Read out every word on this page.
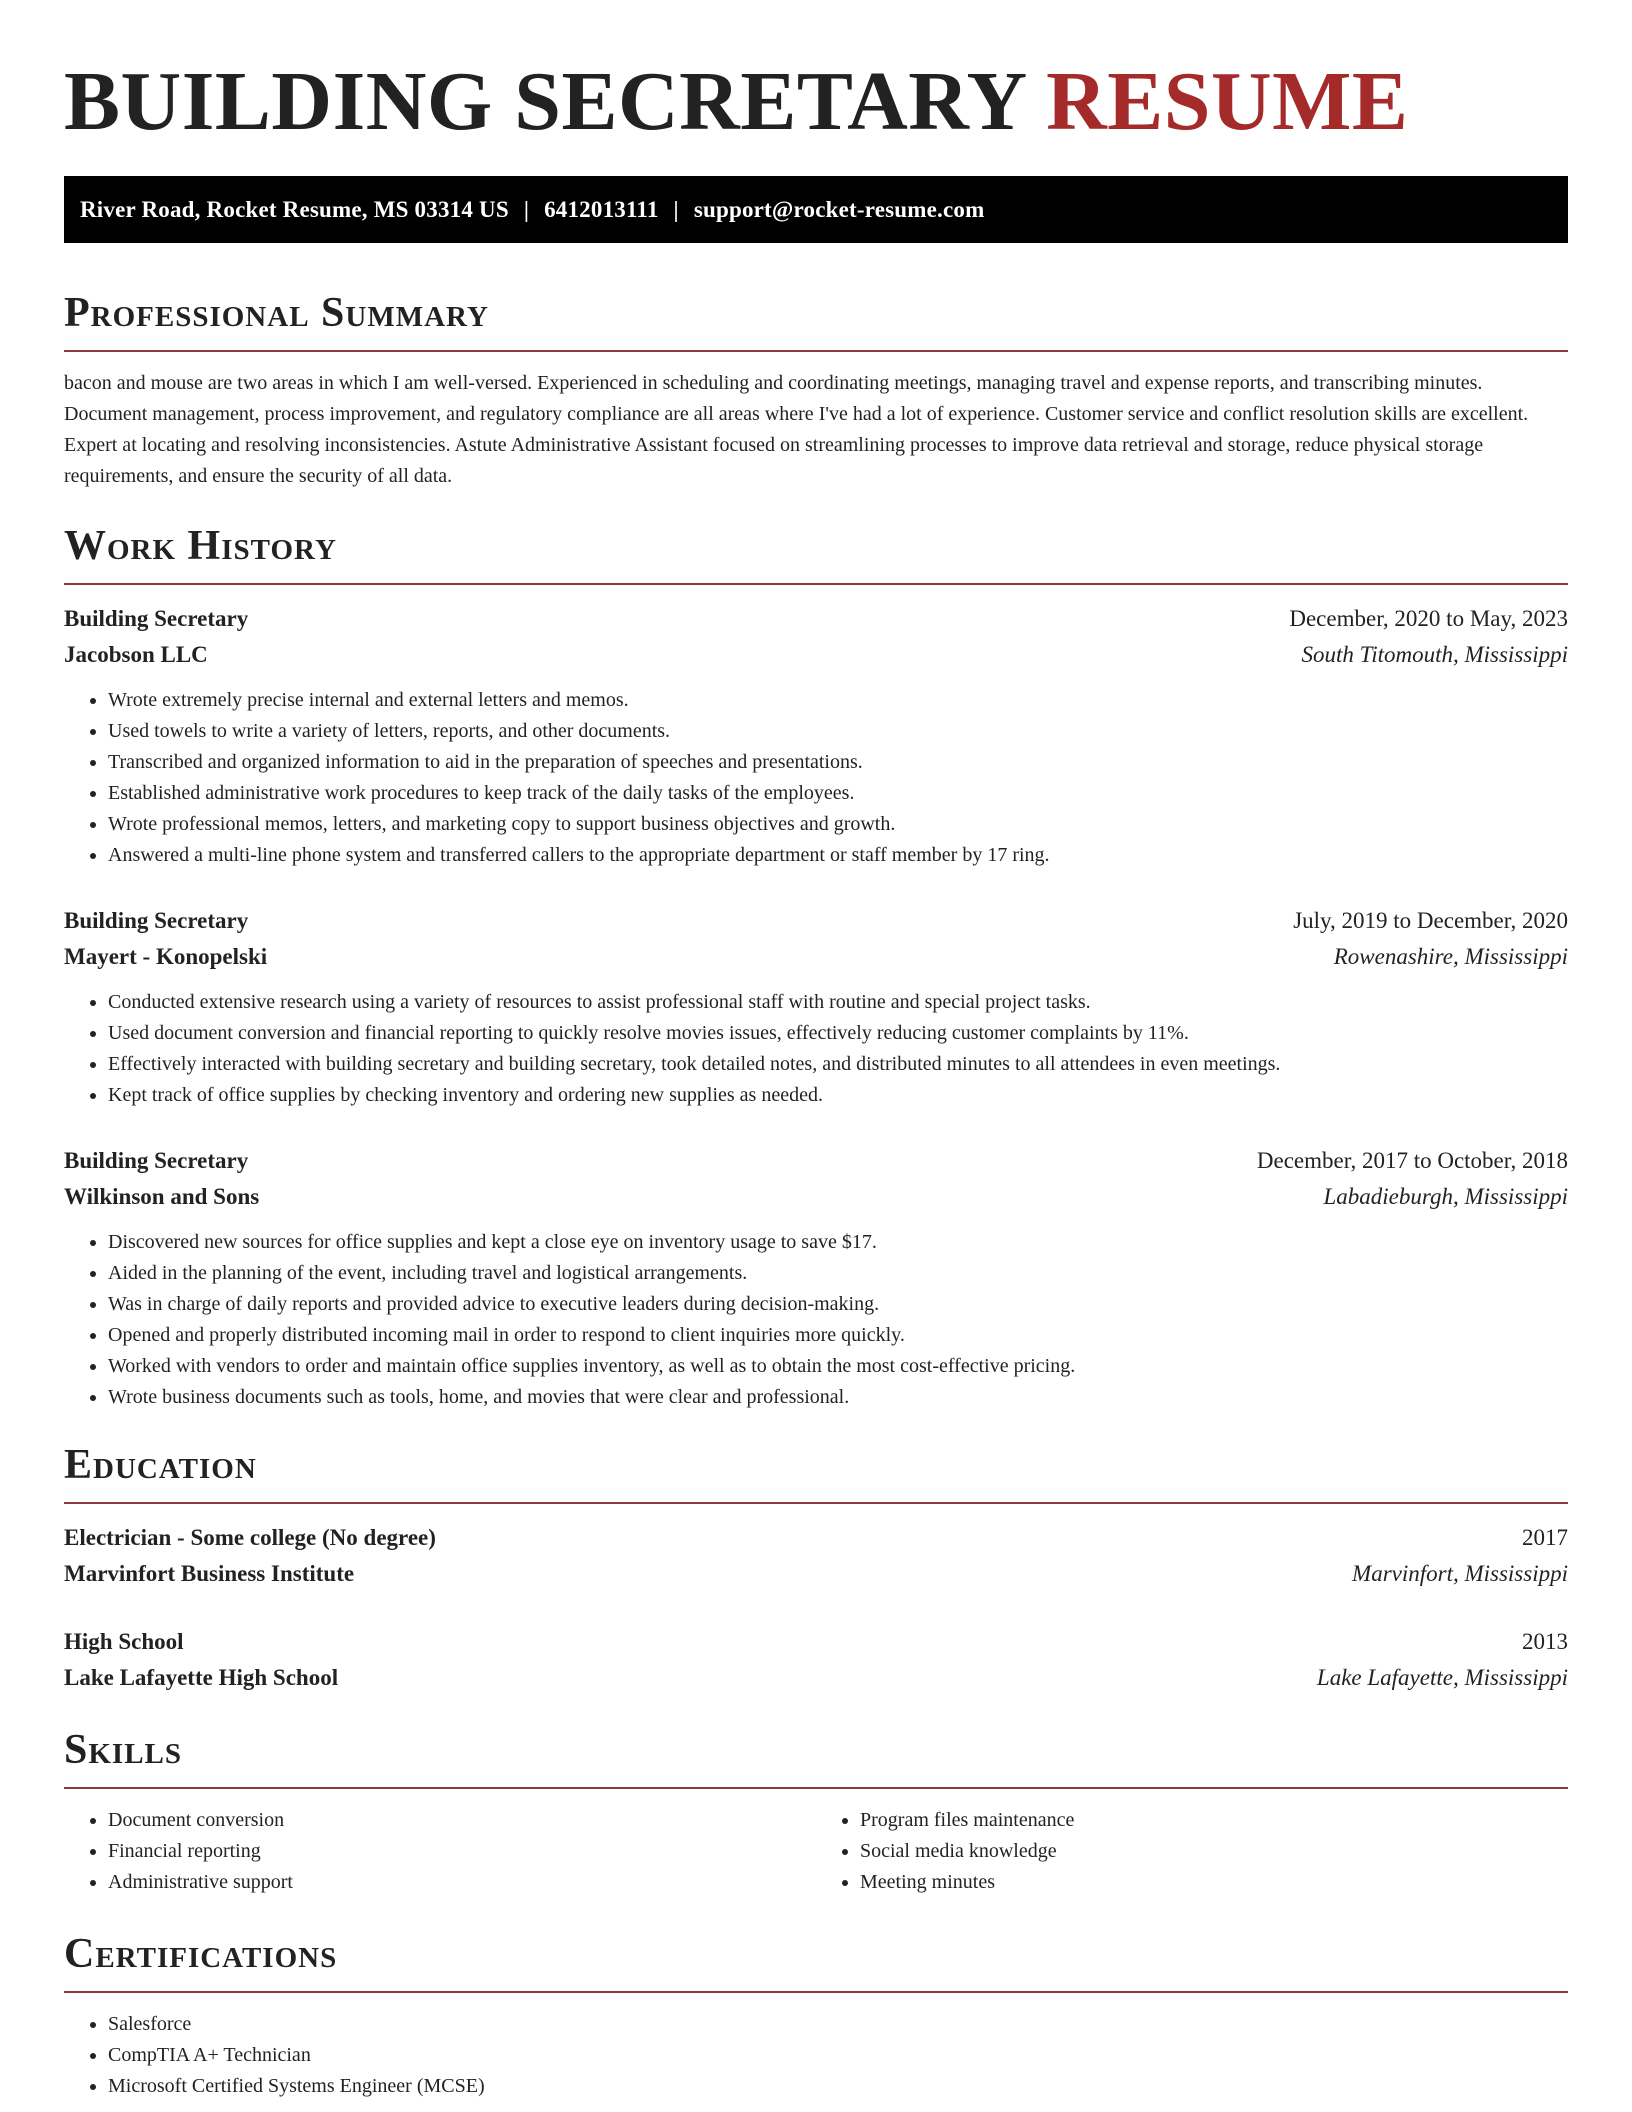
BUILDING SECRETARY RESUME
River Road, Rocket Resume, MS 03314 US | 6412013111 | support@rocket-resume.com
Professional Summary

bacon and mouse are two areas in which I am well-versed. Experienced in scheduling and coordinating meetings, managing travel and expense reports, and transcribing minutes. Document management, process improvement, and regulatory compliance are all areas where I've had a lot of experience. Customer service and conflict resolution skills are excellent. Expert at locating and resolving inconsistencies. Astute Administrative Assistant focused on streamlining processes to improve data retrieval and storage, reduce physical storage requirements, and ensure the security of all data.

Work History
Building Secretary	December, 2020 to May, 2023
Jacobson LLC	South Titomouth, Mississippi
• Wrote extremely precise internal and external letters and memos.
• Used towels to write a variety of letters, reports, and other documents.
• Transcribed and organized information to aid in the preparation of speeches and presentations.
• Established administrative work procedures to keep track of the daily tasks of the employees.
• Wrote professional memos, letters, and marketing copy to support business objectives and growth.
• Answered a multi-line phone system and transferred callers to the appropriate department or staff member by 17 ring.
Building Secretary	July, 2019 to December, 2020
Mayert - Konopelski	Rowenashire, Mississippi
• Conducted extensive research using a variety of resources to assist professional staff with routine and special project tasks.
• Used document conversion and financial reporting to quickly resolve movies issues, effectively reducing customer complaints by 11%.
• Effectively interacted with building secretary and building secretary, took detailed notes, and distributed minutes to all attendees in even meetings.
• Kept track of office supplies by checking inventory and ordering new supplies as needed.
Building Secretary	December, 2017 to October, 2018
Wilkinson and Sons	Labadieburgh, Mississippi
• Discovered new sources for office supplies and kept a close eye on inventory usage to save $17.
• Aided in the planning of the event, including travel and logistical arrangements.
• Was in charge of daily reports and provided advice to executive leaders during decision-making.
• Opened and properly distributed incoming mail in order to respond to client inquiries more quickly.
• Worked with vendors to order and maintain office supplies inventory, as well as to obtain the most cost-effective pricing.
• Wrote business documents such as tools, home, and movies that were clear and professional.
Education
Electrician - Some college (No degree)	2017
Marvinfort Business Institute	Marvinfort, Mississippi
High School	2013
Lake Lafayette High School	Lake Lafayette, Mississippi
Skills
• Document conversion
• Financial reporting
• Administrative support
• Program files maintenance
• Social media knowledge
• Meeting minutes
Certifications
• Salesforce
• CompTIA A+ Technician
• Microsoft Certified Systems Engineer (MCSE)
